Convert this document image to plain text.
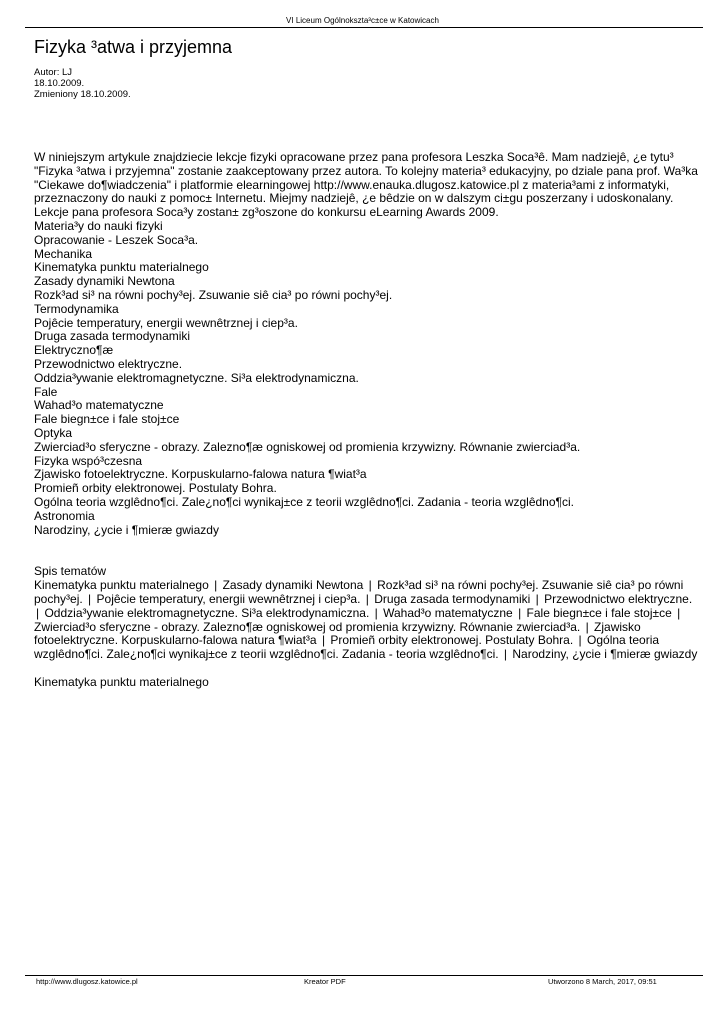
VI Liceum Ogólnokszta³c±ce w Katowicach
Fizyka ³atwa i przyjemna
Autor: LJ
18.10.2009.
Zmieniony 18.10.2009.

W niniejszym artykule znajdziecie lekcje fizyki opracowane przez pana profesora Leszka Soca³ê. Mam nadziejê, ¿e tytu³ "Fizyka ³atwa i przyjemna" zostanie zaakceptowany przez autora. To kolejny materia³ edukacyjny, po dziale pana prof. Wa³ka "Ciekawe do¶wiadczenia" i platformie elearningowej http://www.enauka.dlugosz.katowice.pl z materia³ami z informatyki, przeznaczony do nauki z pomoc± Internetu. Miejmy nadziejê, ¿e bêdzie on w dalszym ci±gu poszerzany i udoskonalany. Lekcje pana profesora Soca³y zostan± zg³oszone do konkursu eLearning Awards 2009.

Materia³y do nauki fizyki
Opracowanie - Leszek Soca³a.
Mechanika
Kinematyka punktu materialnego
Zasady dynamiki Newtona
Rozk³ad si³ na równi pochy³ej. Zsuwanie siê cia³ po równi pochy³ej.
Termodynamika
Pojêcie temperatury, energii wewnêtrznej i ciep³a.
Druga zasada termodynamiki
Elektryczno¶æ
Przewodnictwo elektryczne.
Oddzia³ywanie elektromagnetyczne. Si³a elektrodynamiczna.
Fale
Wahad³o matematyczne
Fale biegn±ce i fale stoj±ce
Optyka
Zwierciad³o sferyczne - obrazy. Zalezno¶æ ogniskowej od promienia krzywizny. Równanie zwierciad³a.
Fizyka wspó³czesna
Zjawisko fotoelektryczne. Korpuskularno-falowa natura ¶wiat³a
Promieñ orbity elektronowej. Postulaty Bohra.
Ogólna teoria wzglêdno¶ci. Zale¿no¶ci wynikaj±ce z teorii wzglêdno¶ci. Zadania - teoria wzglêdno¶ci.
Astronomia
Narodziny, ¿ycie i ¶mieræ gwiazdy

Spis tematów

Kinematyka punktu materialnego | Zasady dynamiki Newtona | Rozk³ad si³ na równi pochy³ej. Zsuwanie siê cia³ po równi pochy³ej. | Pojêcie temperatury, energii wewnêtrznej i ciep³a. | Druga zasada termodynamiki | Przewodnictwo elektryczne. | Oddzia³ywanie elektromagnetyczne. Si³a elektrodynamiczna. | Wahad³o matematyczne | Fale biegn±ce i fale stoj±ce | Zwierciad³o sferyczne - obrazy. Zalezno¶æ ogniskowej od promienia krzywizny. Równanie zwierciad³a. | Zjawisko fotoelektryczne. Korpuskularno-falowa natura ¶wiat³a | Promieñ orbity elektronowej. Postulaty Bohra. | Ogólna teoria wzglêdno¶ci. Zale¿no¶ci wynikaj±ce z teorii wzglêdno¶ci. Zadania - teoria wzglêdno¶ci. | Narodziny, ¿ycie i ¶mieræ gwiazdy

Kinematyka punktu materialnego

http://www.dlugosz.katowice.pl	Kreator PDF	Utworzono 8 March, 2017, 09:51
